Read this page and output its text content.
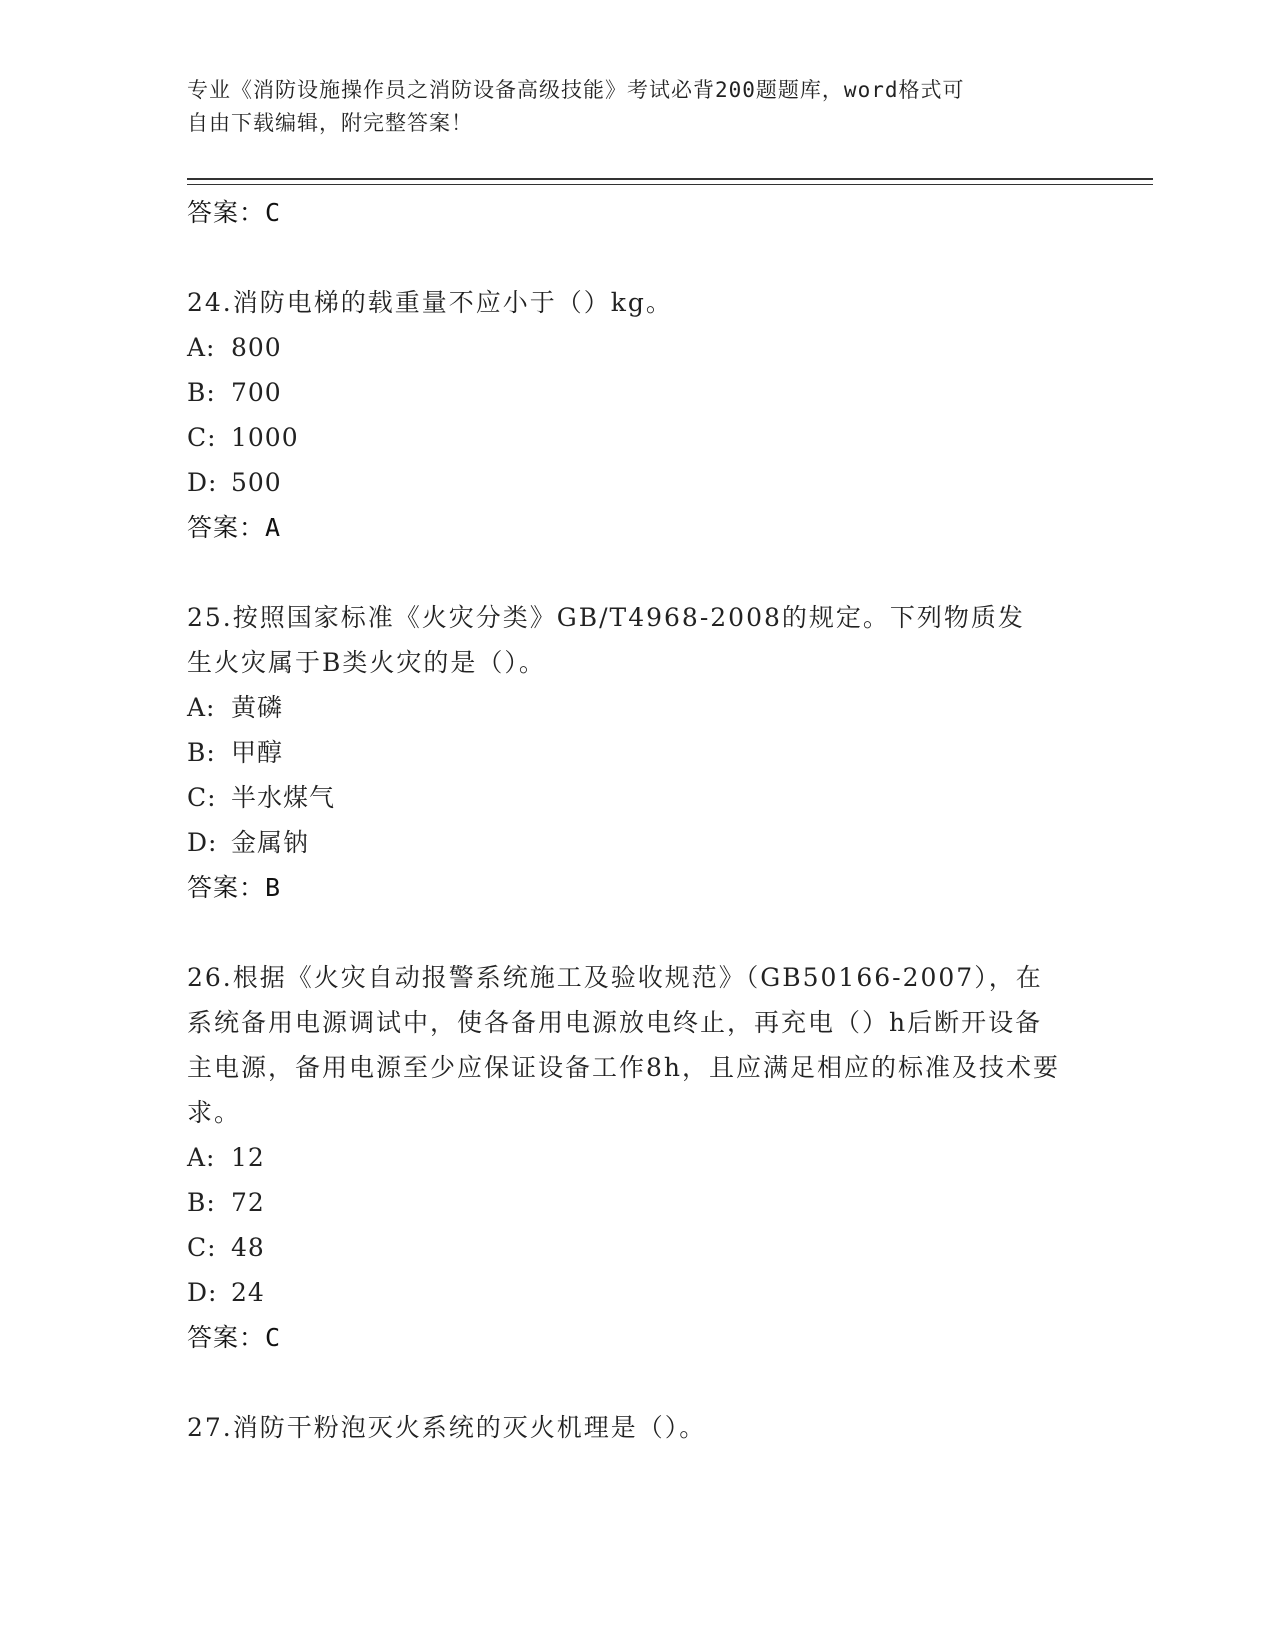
专业《消防设施操作员之消防设备高级技能》考试必背200题题库，word格式可
自由下载编辑，附完整答案！
答案：C
24.消防电梯的载重量不应小于（）kg。
A: 800
B: 700
C: 1000
D: 500
答案：A
25.按照国家标准《火灾分类》GB/T4968-2008的规定。下列物质发生火灾属于B类火灾的是（）。
A: 黄磷
B: 甲醇
C: 半水煤气
D: 金属钠
答案：B
26.根据《火灾自动报警系统施工及验收规范》（GB50166-2007），在系统备用电源调试中，使各备用电源放电终止，再充电（）h后断开设备主电源，备用电源至少应保证设备工作8h，且应满足相应的标准及技术要求。
A: 12
B: 72
C: 48
D: 24
答案：C
27.消防干粉泡灭火系统的灭火机理是（）。
